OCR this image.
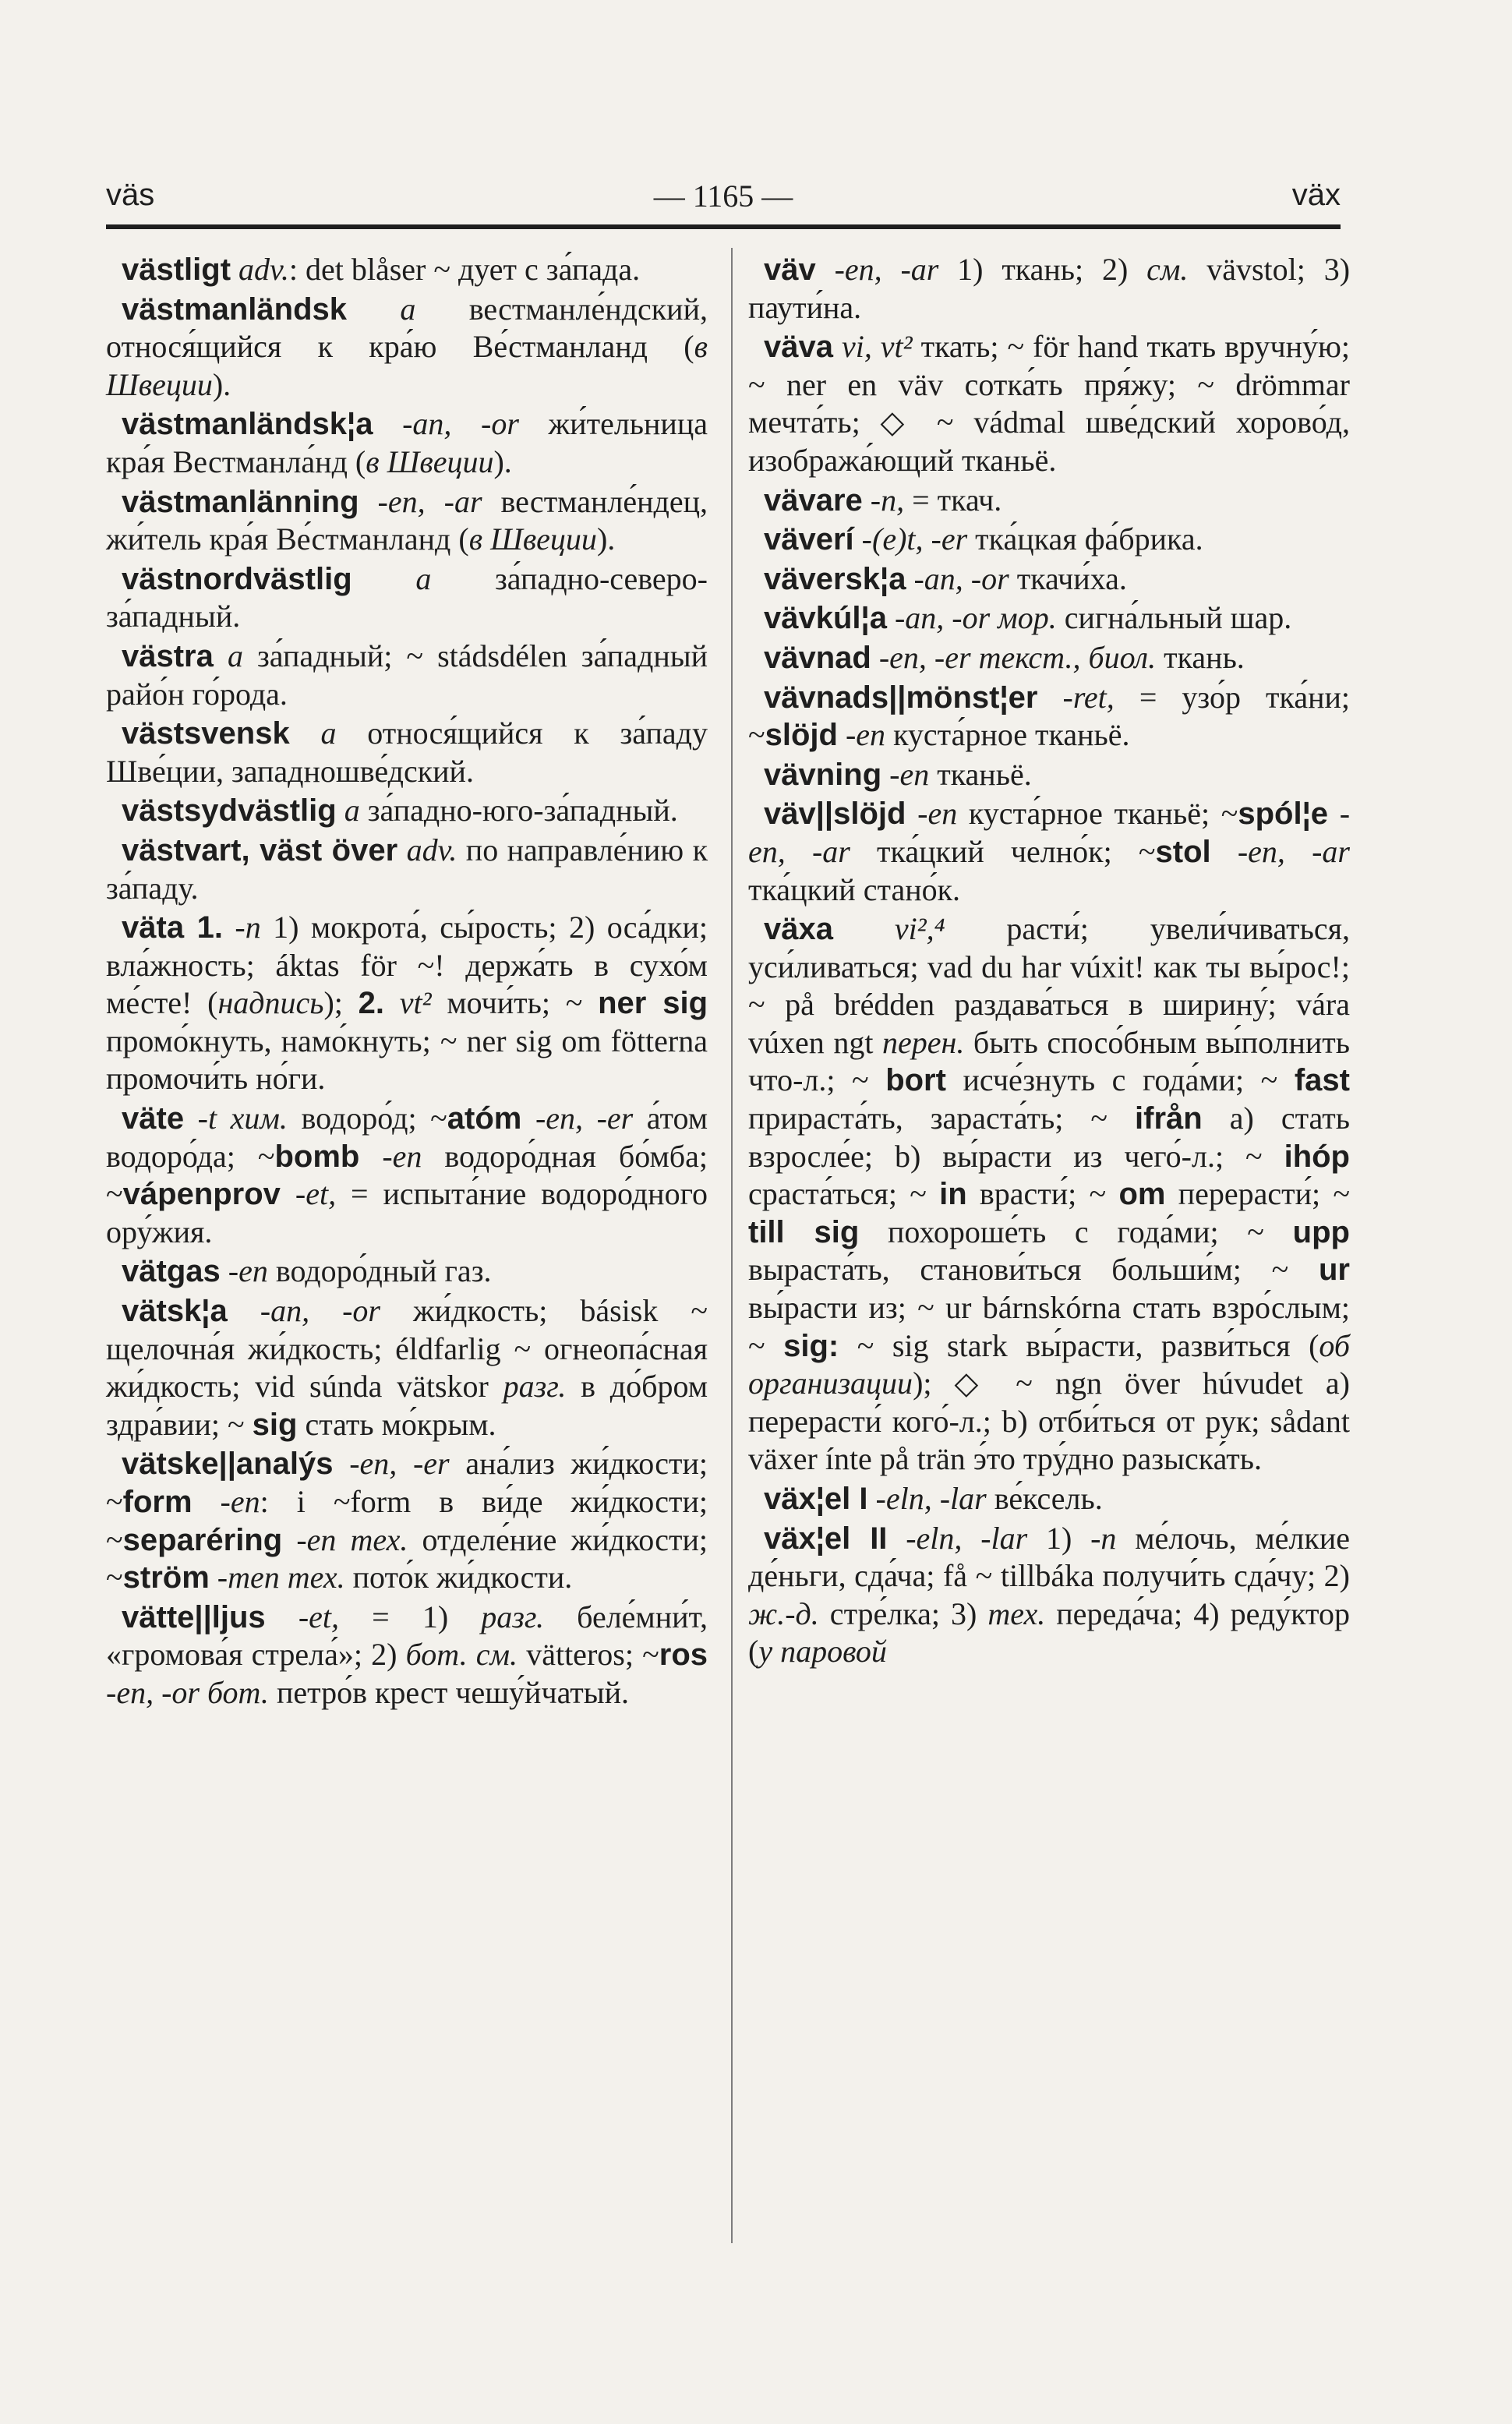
väs	— 1165 —	väx

västligt adv.: det blåser ~ дует с за́пада.

västmanländsk a вестманле́ндский, относя́щийся к кра́ю Ве́стманланд (в Швеции).

västmanländsk¦a -an, -or жи́тельница кра́я Вестманла́нд (в Швеции).

västmanlänning -en, -ar вестманле́ндец, жи́тель кра́я Ве́стманланд (в Швеции).

västnordvästlig a за́падно-северо-за́падный.

västra a за́падный; ~ stádsdélen за́падный райо́н го́рода.

västsvensk a относя́щийся к за́паду Шве́ции, западношве́дский.

västsydvästlig a за́падно-юго-за́падный.

västvart, väst över adv. по направле́нию к за́паду.

väta 1. -n 1) мокрота́, сы́рость; 2) оса́дки; вла́жность; áktas för ~! держа́ть в сухо́м ме́сте! (надпись); 2. vt² мочи́ть; ~ ner sig промо́кнуть, намо́кнуть; ~ ner sig om fötterna промочи́ть но́ги.

väte -t хим. водоро́д; ~atóm -en, -er а́том водоро́да; ~bomb -en водоро́дная бо́мба; ~vápenprov -et, = испыта́ние водоро́дного ору́жия.

vätgas -en водоро́дный газ.

vätsk¦a -an, -or жи́дкость; básisk ~ щелочна́я жи́дкость; éldfarlig ~ огнеопа́сная жи́дкость; vid súnda vätskor разг. в до́бром здра́вии; ~ sig стать мо́крым.

vätske||analýs -en, -er ана́лиз жи́дкости; ~form -en: i ~form в ви́де жи́дкости; ~separéring -en тех. отделе́ние жи́дкости; ~ström -men тех. пото́к жи́дкости.

vätte||ljus -et, = 1) разг. беле́мни́т, «громова́я стрела́»; 2) бот. см. vätteros; ~ros -en, -or бот. петро́в крест чешу́йчатый.

väv -en, -ar 1) ткань; 2) см. vävstol; 3) паути́на.

väva vi, vt² ткать; ~ för hand ткать вручну́ю; ~ ner en väv сотка́ть пря́жу; ~ drömmar мечта́ть; ◇ ~ vádmal шве́дский хорово́д, изобража́ющий тканьё.

vävare -n, = ткач.

väverí -(e)t, -er тка́цкая фа́брика.

väversk¦a -an, -or ткачи́ха.

vävkúl¦a -an, -or мор. сигна́льный шар.

vävnad -en, -er текст., биол. ткань.

vävnads||mönst¦er -ret, = узо́р тка́ни; ~slöjd -en куста́рное тканьё.

vävning -en тканьё.

väv||slöjd -en куста́рное тканьё; ~spól¦e -en, -ar тка́цкий челно́к; ~stol -en, -ar тка́цкий стано́к.

växa vi²,⁴ расти́; увели́чиваться, уси́ливаться; vad du har vúxit! как ты вы́рос!; ~ på brédden раздава́ться в ширину́; vára vúxen ngt перен. быть спосо́бным вы́полнить что-л.; ~ bort исче́знуть с года́ми; ~ fast прираста́ть, зараста́ть; ~ ifrån a) стать взросле́е; b) вы́расти из чего́-л.; ~ ihóp сраста́ться; ~ in врасти́; ~ om перерасти́; ~ till sig похороше́ть с года́ми; ~ upp выраста́ть, станови́ться больши́м; ~ ur вы́расти из; ~ ur bárnskórna стать взро́слым; ~ sig: ~ sig stark вы́расти, разви́ться (об организации); ◇ ~ ngn över húvudet a) перерасти́ кого́-л.; b) отби́ться от рук; sådant växer ínte på trän э́то тру́дно разыска́ть.

väx¦el I -eln, -lar ве́ксель.

väx¦el II -eln, -lar 1) -n ме́лочь, ме́лкие де́ньги, сда́ча; få ~ tillbáka получи́ть сда́чу; 2) ж.-д. стре́лка; 3) тех. переда́ча; 4) реду́ктор (у паровой
